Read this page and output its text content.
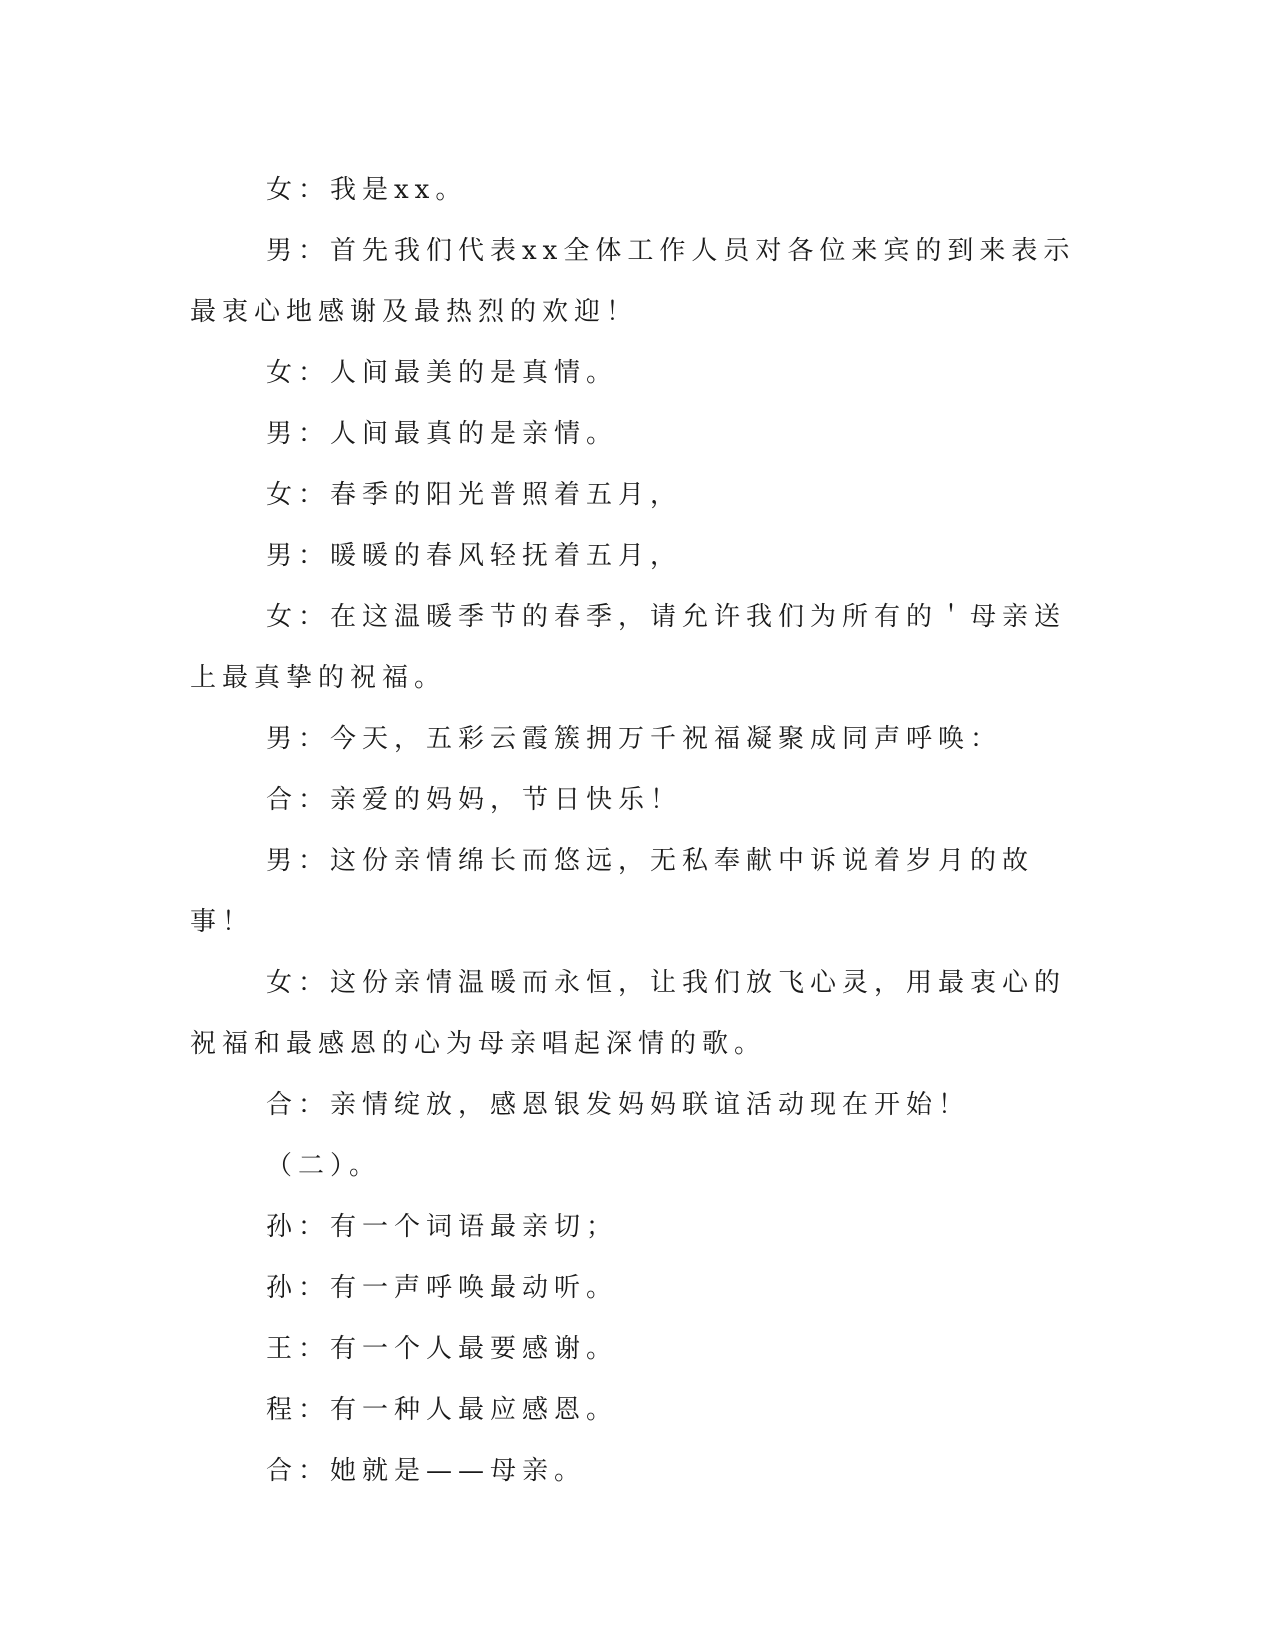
女：我是xx。

男：首先我们代表xx全体工作人员对各位来宾的到来表示最衷心地感谢及最热烈的欢迎！

女：人间最美的是真情。

男：人间最真的是亲情。

女：春季的阳光普照着五月，

男：暖暖的春风轻抚着五月，

女：在这温暖季节的春季，请允许我们为所有的＇母亲送上最真挚的祝福。

男：今天，五彩云霞簇拥万千祝福凝聚成同声呼唤：

合：亲爱的妈妈，节日快乐！

男：这份亲情绵长而悠远，无私奉献中诉说着岁月的故事！

女：这份亲情温暖而永恒，让我们放飞心灵，用最衷心的祝福和最感恩的心为母亲唱起深情的歌。

合：亲情绽放，感恩银发妈妈联谊活动现在开始！

（二）。

孙：有一个词语最亲切；

孙：有一声呼唤最动听。

王：有一个人最要感谢。

程：有一种人最应感恩。

合：她就是——母亲。
